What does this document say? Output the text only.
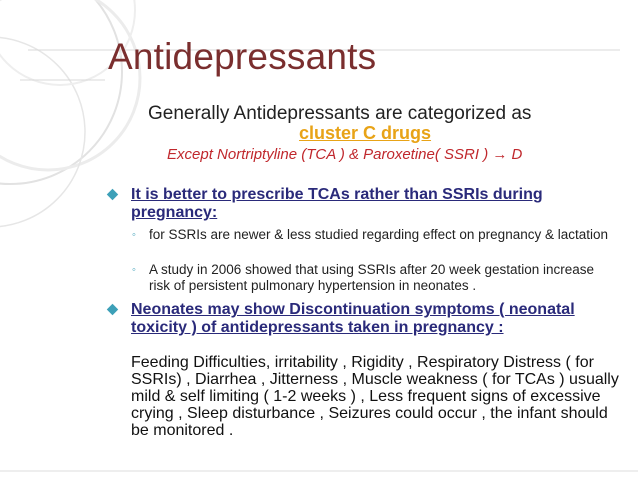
Antidepressants
Generally Antidepressants are categorized as
cluster C drugs
Except Nortriptyline (TCA ) & Paroxetine( SSRI ) → D
It is better to prescribe TCAs rather than SSRIs during pregnancy:
◦ for SSRIs are newer & less studied regarding effect on pregnancy & lactation
◦ A study in 2006 showed that using SSRIs after 20 week gestation increase risk of persistent pulmonary hypertension in neonates .
Neonates may show Discontinuation symptoms ( neonatal toxicity ) of antidepressants taken in pregnancy :
Feeding Difficulties, irritability , Rigidity , Respiratory Distress ( for SSRIs) , Diarrhea , Jitterness , Muscle weakness ( for TCAs ) usually mild & self limiting ( 1-2 weeks ) , Less frequent signs of excessive crying , Sleep disturbance , Seizures could occur , the infant should be monitored .
